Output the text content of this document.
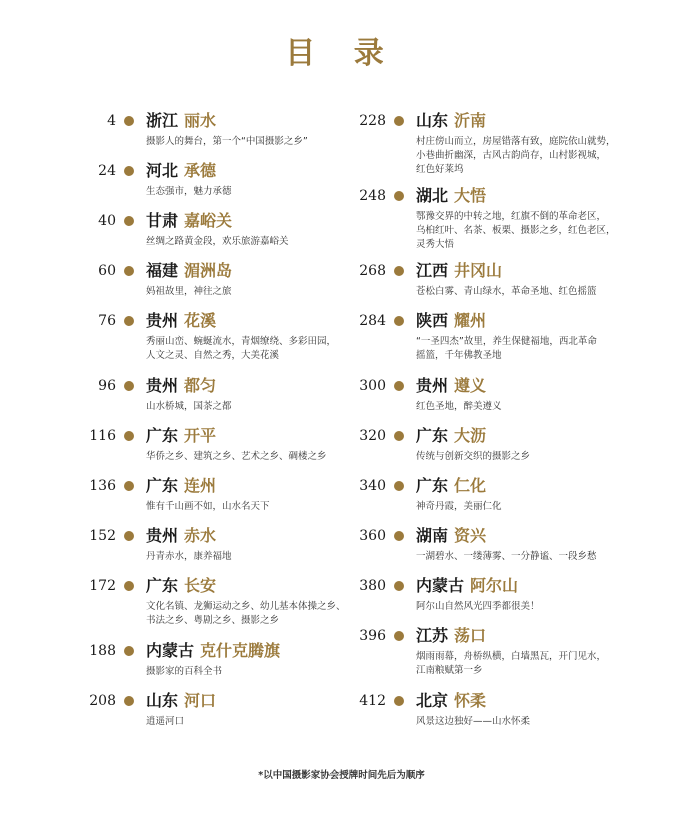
目 录
4 浙江 丽水
摄影人的舞台，第一个“中国摄影之乡”
24 河北 承德
生态强市，魅力承德
40 甘肃 嘉峪关
丝绸之路黄金段，欢乐旅游嘉峪关
60 福建 湄洲岛
妈祖故里，神往之旅
76 贵州 花溪
秀丽山峦、蜿蜒流水，青烟缭绕、多彩田园，
人文之灵、自然之秀，大美花溪
96 贵州 都匀
山水桥城，国茶之都
116 广东 开平
华侨之乡、建筑之乡、艺术之乡、碉楼之乡
136 广东 连州
惟有千山画不如，山水名天下
152 贵州 赤水
丹青赤水，康养福地
172 广东 长安
文化名镇、龙狮运动之乡、幼儿基本体操之乡、
书法之乡、粤剧之乡、摄影之乡
188 内蒙古 克什克腾旗
摄影家的百科全书
208 山东 河口
逍遥河口
228 山东 沂南
村庄傍山而立，房屋错落有致，庭院依山就势，
小巷曲折幽深，古风古韵尚存，山村影视城，
红色好莱坞
248 湖北 大悟
鄂豫交界的中转之地，红旗不倒的革命老区，
乌桕红叶、名茶、板栗、摄影之乡，红色老区，
灵秀大悟
268 江西 井冈山
苍松白雾、青山绿水，革命圣地、红色摇篮
284 陕西 耀州
“一圣四杰”故里，养生保健福地，西北革命
摇篮，千年佛教圣地
300 贵州 遵义
红色圣地，醉美遵义
320 广东 大沥
传统与创新交织的摄影之乡
340 广东 仁化
神奇丹霞，美丽仁化
360 湖南 资兴
一湖碧水、一缕薄雾、一分静谧、一段乡愁
380 内蒙古 阿尔山
阿尔山自然风光四季都很美！
396 江苏 荡口
烟雨雨幕，舟桥纵横，白墙黑瓦，开门见水，
江南粮赋第一乡
412 北京 怀柔
风景这边独好——山水怀柔
*以中国摄影家协会授牌时间先后为顺序
